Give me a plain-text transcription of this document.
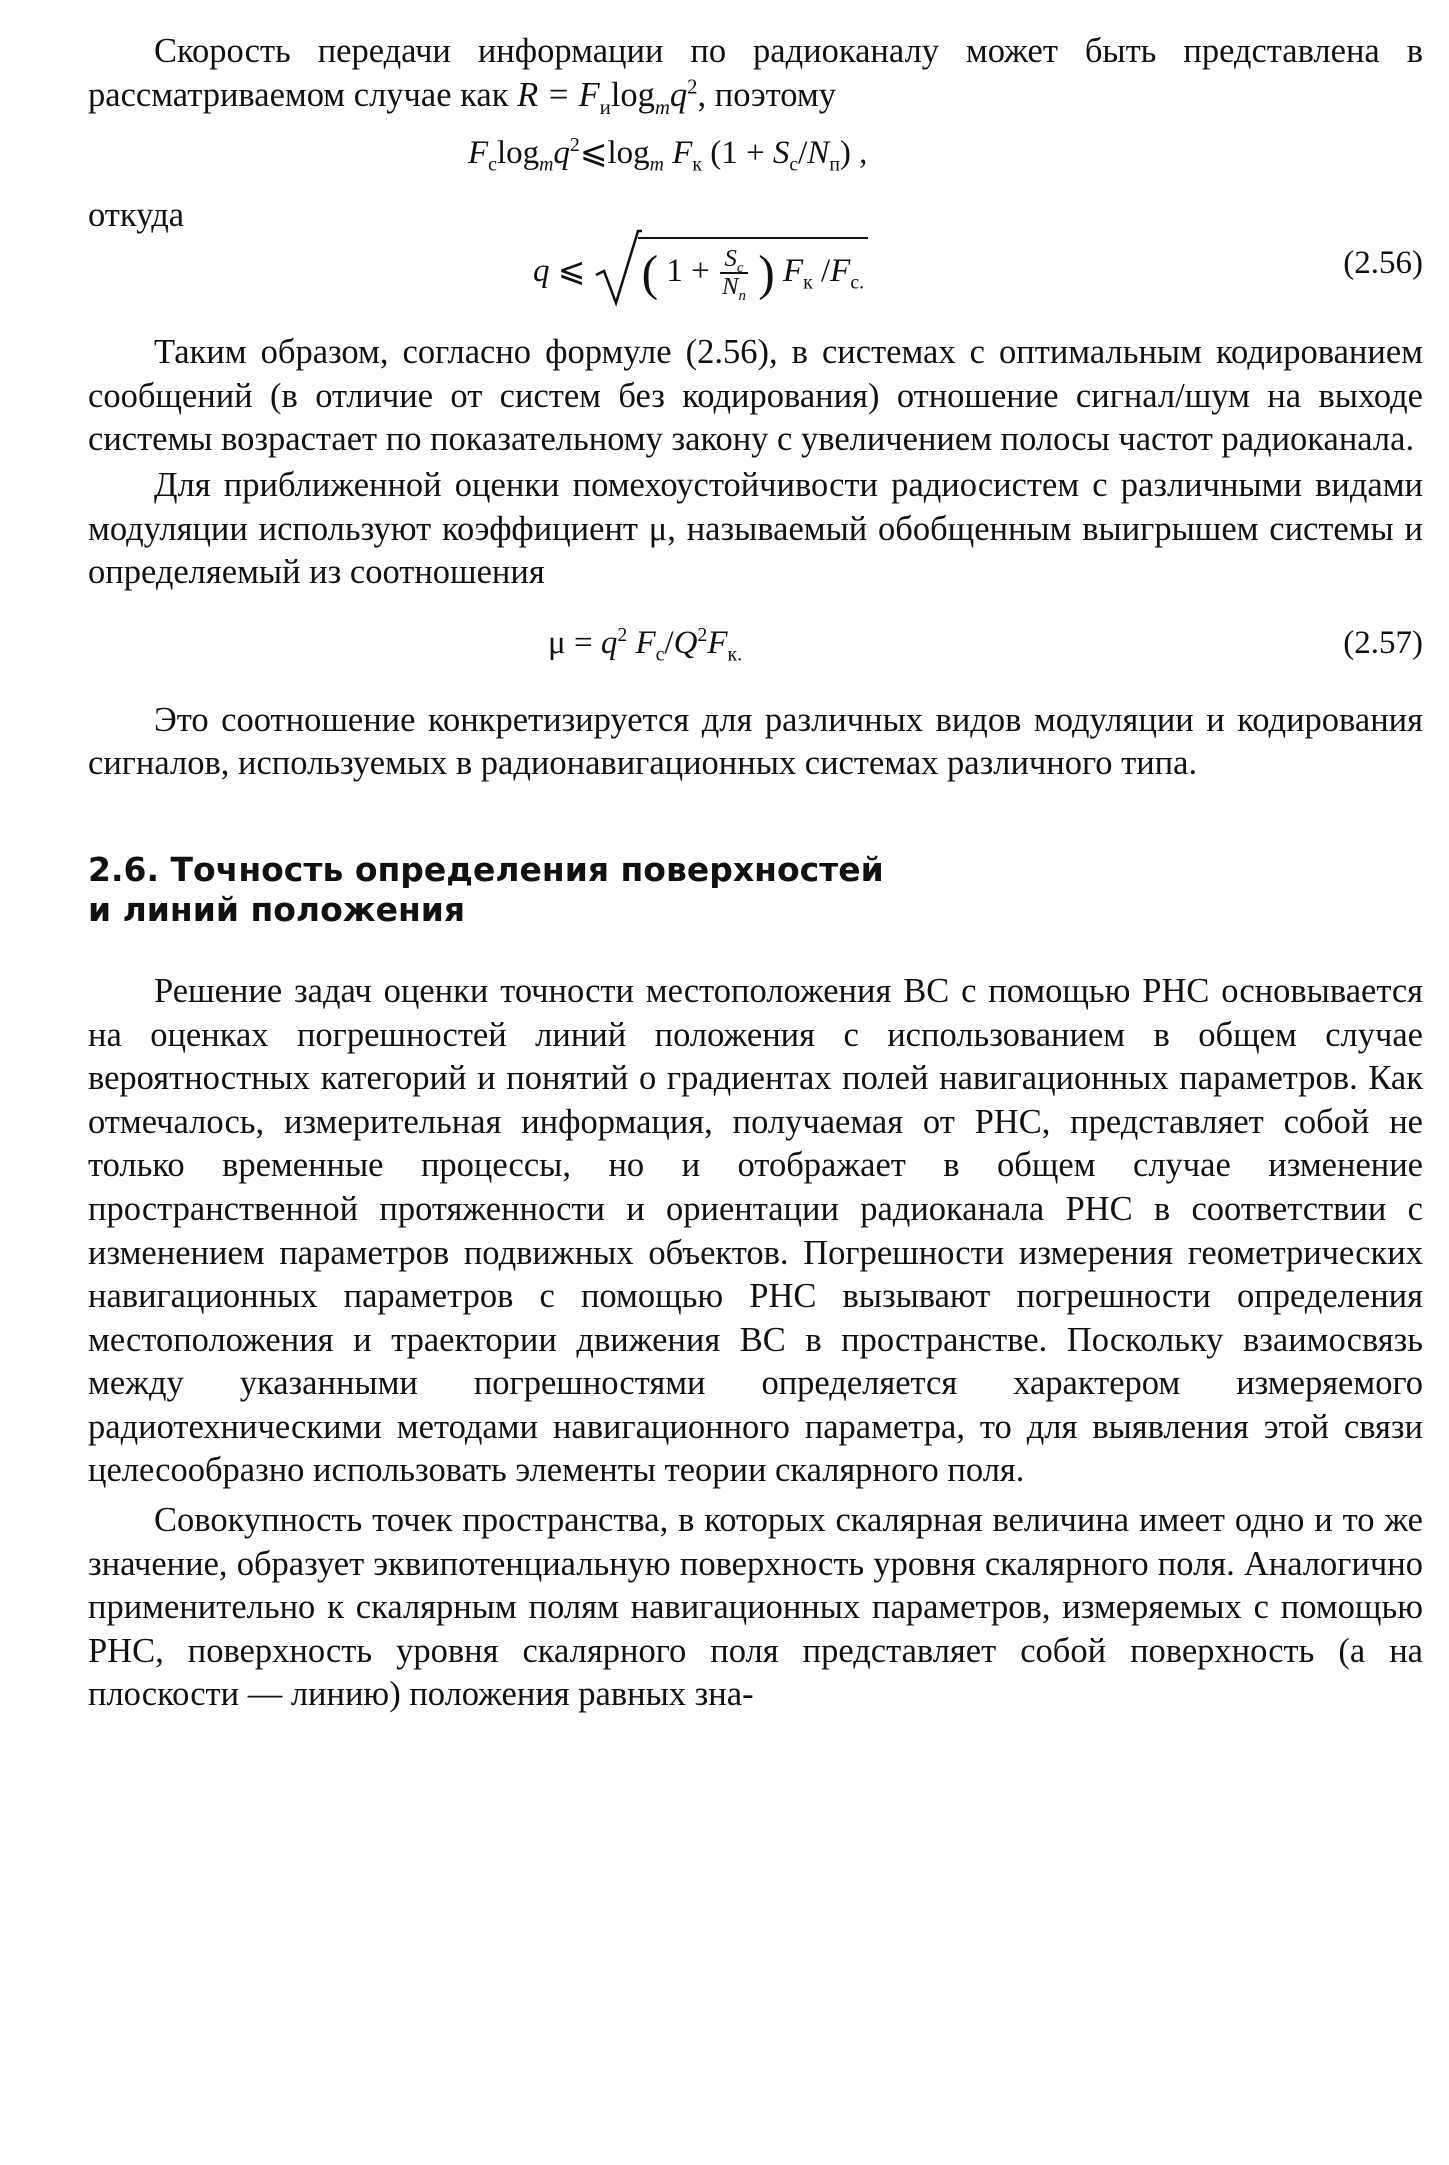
Скорость передачи информации по радиоканалу может быть представлена в рассматриваемом случае как $R = F_и\log_mq^2$, поэтому

$F_c\log_mq^2⩽\log_m$ $F_к$ $(1 + S_c/N_п)$ ,
откуда
q ⩽ ( $1 + \frac{S_c}{N_п}$ ) $F_к$ $/F_{c.}$
(2.56)

Таким образом, согласно формуле (2.56), в системах с оптимальным кодированием сообщений (в отличие от систем без кодирования) отношение сигнал/шум на выходе системы возрастает по показательному закону с увеличением полосы частот радиоканала.

Для приближенной оценки помехоустойчивости радиосистем с различными видами модуляции используют коэффициент μ, называемый обобщенным выигрышем системы и определяемый из соотношения

$\mu = q^2$ $F_c/Q^2F_{к.}$	(2.57)

Это соотношение конкретизируется для различных видов модуляции и кодирования сигналов, используемых в радионавигационных системах различного типа.

2.6. Точность определения поверхностей

и линий положения

Решение задач оценки точности местоположения ВС с помощью РНС основывается на оценках погрешностей линий положения с использованием в общем случае вероятностных категорий и понятий о градиентах полей навигационных параметров. Как отмечалось, измерительная информация, получаемая от РНС, представляет собой не только временные процессы, но и отображает в общем случае изменение пространственной протяженности и ориентации радиоканала РНС в соответствии с изменением параметров подвижных объектов. Погрешности измерения геометрических навигационных параметров с помощью РНС вызывают погрешности определения местоположения и траектории движения ВС в пространстве. Поскольку взаимосвязь между указанными погрешностями определяется характером измеряемого радиотехническими методами навигационного параметра, то для выявления этой связи целесообразно использовать элементы теории скалярного поля.

Совокупность точек пространства, в которых скалярная величина имеет одно и то же значение, образует эквипотенциальную поверхность уровня скалярного поля. Аналогично применительно к скалярным полям навигационных параметров, измеряемых с помощью РНС, поверхность уровня скалярного поля представляет собой поверхность (а на плоскости — линию) положения равных зна-
